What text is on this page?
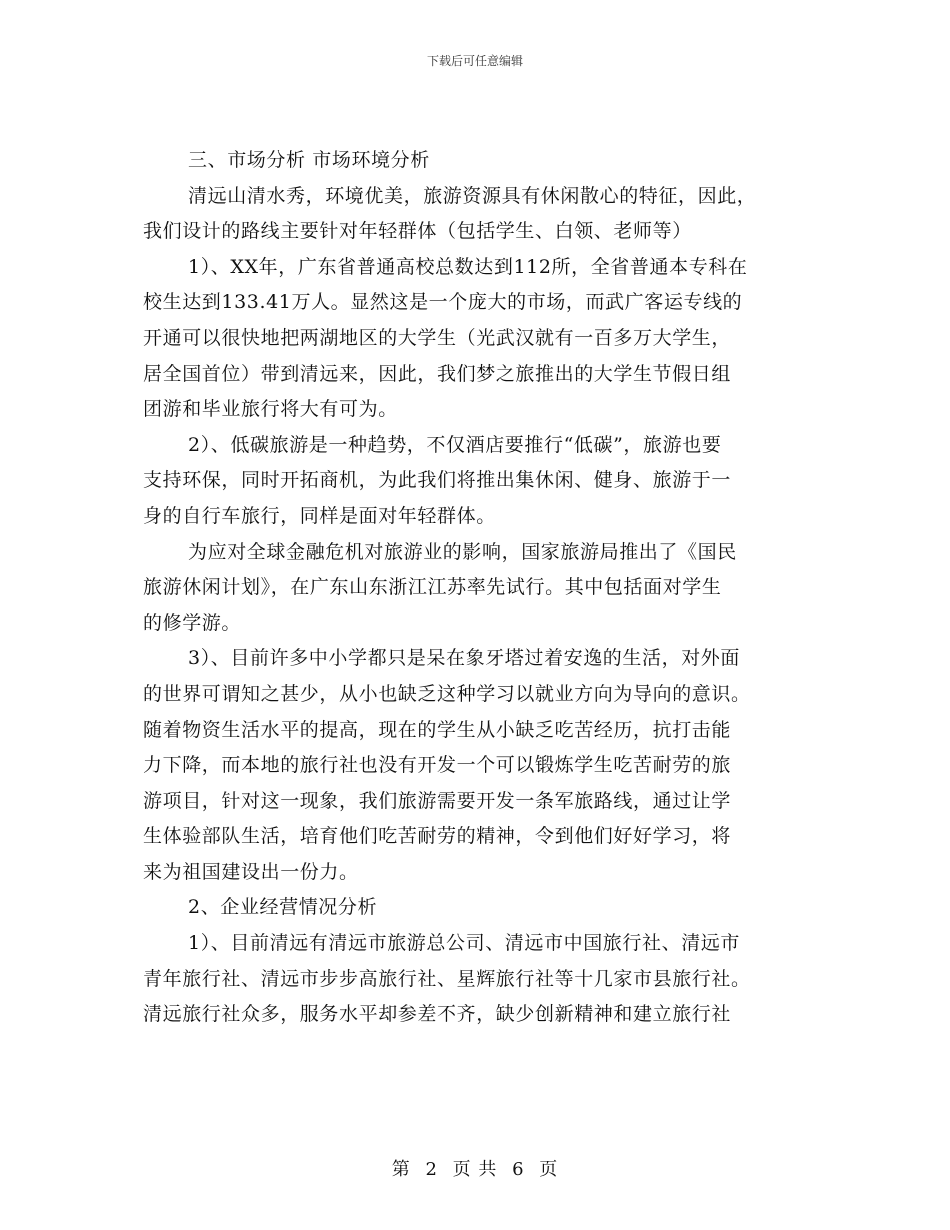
下载后可任意编辑

三、市场分析 市场环境分析

清远山清水秀，环境优美，旅游资源具有休闲散心的特征，因此，
我们设计的路线主要针对年轻群体（包括学生、白领、老师等）

1）、XX年，广东省普通高校总数达到112所，全省普通本专科在
校生达到133.41万人。显然这是一个庞大的市场，而武广客运专线的
开通可以很快地把两湖地区的大学生（光武汉就有一百多万大学生，
居全国首位）带到清远来，因此，我们梦之旅推出的大学生节假日组
团游和毕业旅行将大有可为。

2）、低碳旅游是一种趋势，不仅酒店要推行“低碳”，旅游也要
支持环保，同时开拓商机，为此我们将推出集休闲、健身、旅游于一
身的自行车旅行，同样是面对年轻群体。

为应对全球金融危机对旅游业的影响，国家旅游局推出了《国民
旅游休闲计划》，在广东山东浙江江苏率先试行。其中包括面对学生
的修学游。

3）、目前许多中小学都只是呆在象牙塔过着安逸的生活，对外面
的世界可谓知之甚少，从小也缺乏这种学习以就业方向为导向的意识。
随着物资生活水平的提高，现在的学生从小缺乏吃苦经历，抗打击能
力下降，而本地的旅行社也没有开发一个可以锻炼学生吃苦耐劳的旅
游项目，针对这一现象，我们旅游需要开发一条军旅路线，通过让学
生体验部队生活，培育他们吃苦耐劳的精神，令到他们好好学习，将
来为祖国建设出一份力。

2、企业经营情况分析

1）、目前清远有清远市旅游总公司、清远市中国旅行社、清远市
青年旅行社、清远市步步高旅行社、星辉旅行社等十几家市县旅行社。
清远旅行社众多，服务水平却参差不齐，缺少创新精神和建立旅行社

第 2 页 共 6 页
